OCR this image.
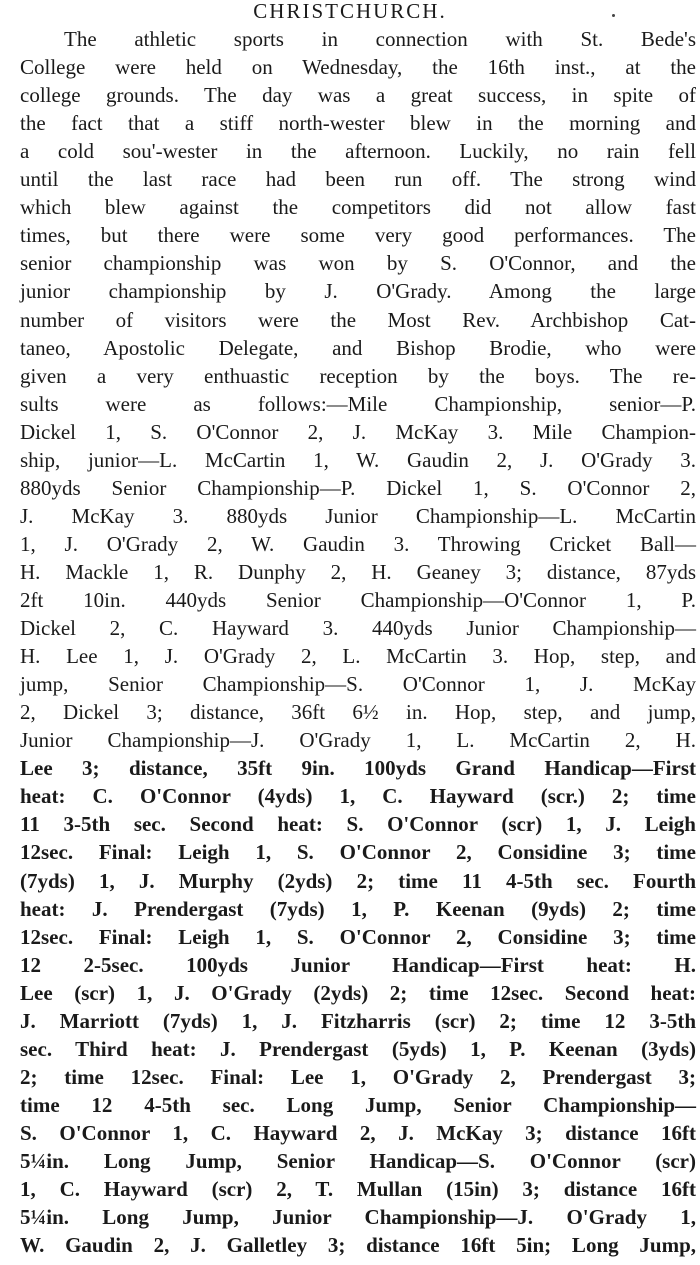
CHRISTCHURCH.
The athletic sports in connection with St. Bede's
College were held on Wednesday, the 16th inst., at the
college grounds. The day was a great success, in spite of
the fact that a stiff north-wester blew in the morning and
a cold sou'-wester in the afternoon. Luckily, no rain fell
until the last race had been run off. The strong wind
which blew against the competitors did not allow fast
times, but there were some very good performances. The
senior championship was won by S. O'Connor, and the
junior championship by J. O'Grady. Among the large
number of visitors were the Most Rev. Archbishop Cat-
taneo, Apostolic Delegate, and Bishop Brodie, who were
given a very enthuastic reception by the boys. The re-
sults were as follows:—Mile Championship, senior—P.
Dickel 1, S. O'Connor 2, J. McKay 3. Mile Champion-
ship, junior—L. McCartin 1, W. Gaudin 2, J. O'Grady 3.
880yds Senior Championship—P. Dickel 1, S. O'Connor 2,
J. McKay 3. 880yds Junior Championship—L. McCartin
1, J. O'Grady 2, W. Gaudin 3. Throwing Cricket Ball—
H. Mackle 1, R. Dunphy 2, H. Geaney 3; distance, 87yds
2ft 10in. 440yds Senior Championship—O'Connor 1, P.
Dickel 2, C. Hayward 3. 440yds Junior Championship—
H. Lee 1, J. O'Grady 2, L. McCartin 3. Hop, step, and
jump, Senior Championship—S. O'Connor 1, J. McKay
2, Dickel 3; distance, 36ft 6½ in. Hop, step, and jump,
Junior Championship—J. O'Grady 1, L. McCartin 2, H.
Lee 3; distance, 35ft 9in. 100yds Grand Handicap—First
heat: C. O'Connor (4yds) 1, C. Hayward (scr.) 2; time
11 3-5th sec. Second heat: S. O'Connor (scr) 1, J. Leigh
12sec. Final: Leigh 1, S. O'Connor 2, Considine 3; time
(7yds) 1, J. Murphy (2yds) 2; time 11 4-5th sec. Fourth
heat: J. Prendergast (7yds) 1, P. Keenan (9yds) 2; time
12sec. Final: Leigh 1, S. O'Connor 2, Considine 3; time
12 2-5sec. 100yds Junior Handicap—First heat: H.
Lee (scr) 1, J. O'Grady (2yds) 2; time 12sec. Second heat:
J. Marriott (7yds) 1, J. Fitzharris (scr) 2; time 12 3-5th
sec. Third heat: J. Prendergast (5yds) 1, P. Keenan (3yds)
2; time 12sec. Final: Lee 1, O'Grady 2, Prendergast 3;
time 12 4-5th sec. Long Jump, Senior Championship—
S. O'Connor 1, C. Hayward 2, J. McKay 3; distance 16ft
5¼in. Long Jump, Senior Handicap—S. O'Connor (scr)
1, C. Hayward (scr) 2, T. Mullan (15in) 3; distance 16ft
5¼in. Long Jump, Junior Championship—J. O'Grady 1,
W. Gaudin 2, J. Galletley 3; distance 16ft 5in; Long Jump,
